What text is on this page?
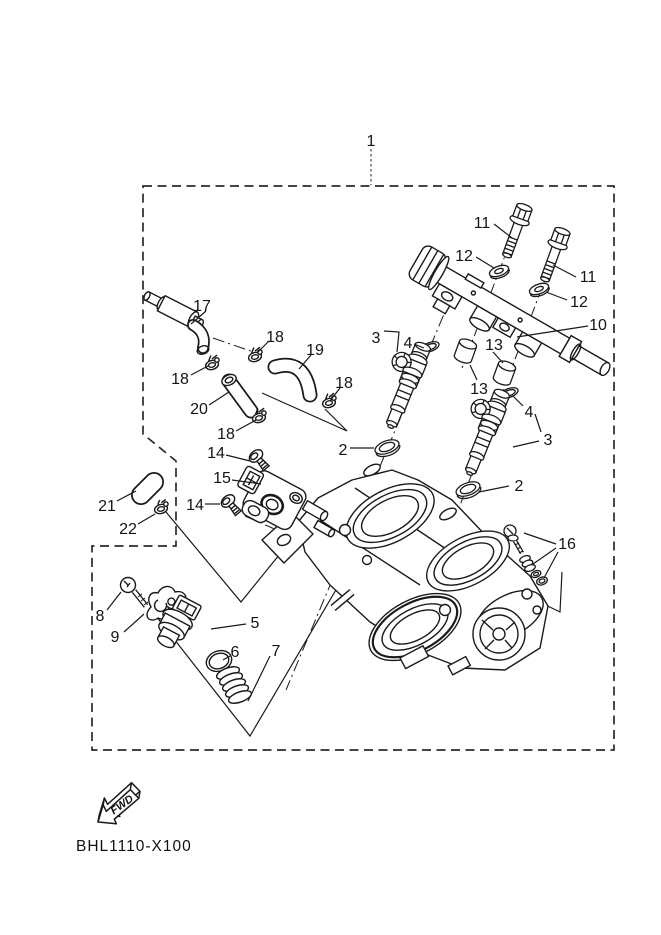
1
11
12
11
12
10
17
18
19
18	18
20
18
3 4	13
13
4
3
2
2
14
15
14
21
22
16
8
9
5
6 7
FWD
BHL1110-X100
